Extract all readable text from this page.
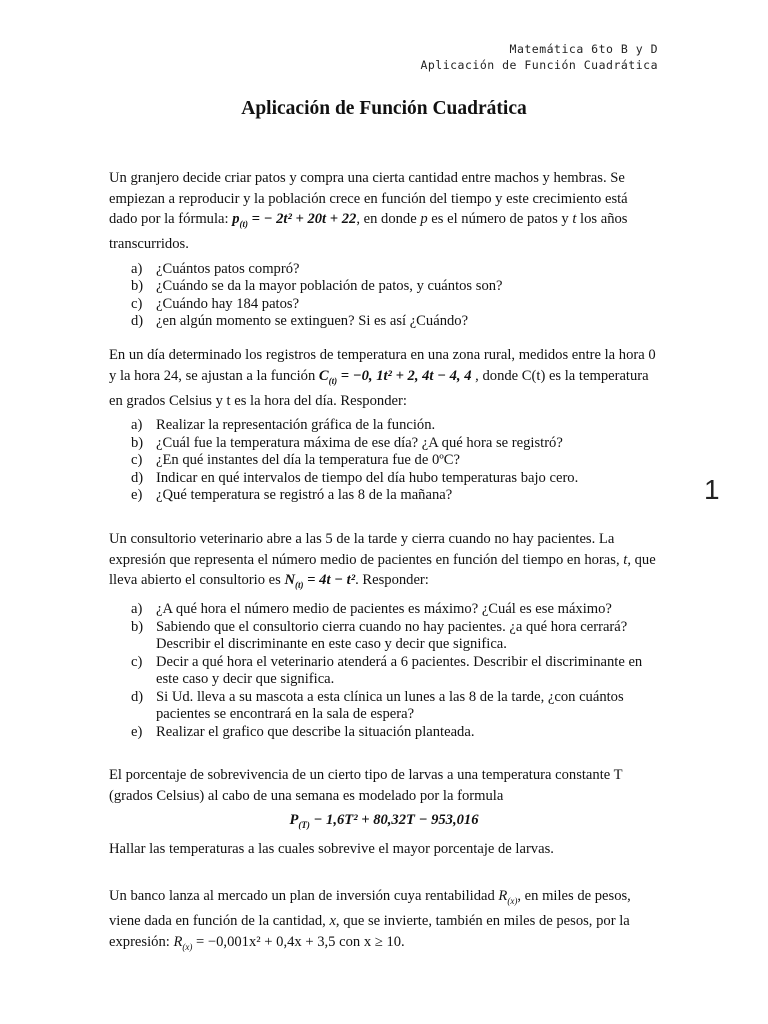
Matemática 6to B y D
Aplicación de Función Cuadrática
Aplicación de Función Cuadrática

Un granjero decide criar patos y compra una cierta cantidad entre machos y hembras. Se empiezan a reproducir y la población crece en función del tiempo y este crecimiento está dado por la fórmula: $p_{(t)}$ = − 2t² + 20t + 22, en donde p es el número de patos y t los años transcurridos.

a) ¿Cuántos patos compró?
b) ¿Cuándo se da la mayor población de patos, y cuántos son?
c) ¿Cuándo hay 184 patos?
d) ¿en algún momento se extinguen? Si es así ¿Cuándo?

En un día determinado los registros de temperatura en una zona rural, medidos entre la hora 0 y la hora 24, se ajustan a la función $C_{(t)} = -0$, 1t² + 2, 4t − 4, 4 , donde C(t) es la temperatura en grados Celsius y t es la hora del día. Responder:

a) Realizar la representación gráfica de la función.
b) ¿Cuál fue la temperatura máxima de ese día? ¿A qué hora se registró?
c) ¿En qué instantes del día la temperatura fue de 0ºC?
d) Indicar en qué intervalos de tiempo del día hubo temperaturas bajo cero.
e) ¿Qué temperatura se registró a las 8 de la mañana?	1

Un consultorio veterinario abre a las 5 de la tarde y cierra cuando no hay pacientes. La expresión que representa el número medio de pacientes en función del tiempo en horas, t, que lleva abierto el consultorio es $N_{(t)} = 4t - t^2$. Responder:

a) ¿A qué hora el número medio de pacientes es máximo? ¿Cuál es ese máximo?
b) Sabiendo que el consultorio cierra cuando no hay pacientes. ¿a qué hora cerrará? Describir el discriminante en este caso y decir que significa.
c) Decir a qué hora el veterinario atenderá a 6 pacientes. Describir el discriminante en este caso y decir que significa.
d) Si Ud. lleva a su mascota a esta clínica un lunes a las 8 de la tarde, ¿con cuántos pacientes se encontrará en la sala de espera?
e) Realizar el grafico que describe la situación planteada.

El porcentaje de sobrevivencia de un cierto tipo de larvas a una temperatura constante T (grados Celsius) al cabo de una semana es modelado por la formula

$P_{(T)} - 1,6T^2 + 80,32T - 953,016$

Hallar las temperaturas a las cuales sobrevive el mayor porcentaje de larvas.

Un banco lanza al mercado un plan de inversión cuya rentabilidad $R_{(x)}$, en miles de pesos, viene dada en función de la cantidad, x, que se invierte, también en miles de pesos, por la expresión: $R_{(x)} = -0,001x^2 + 0,4x + 3,5$ con x ≥ 10.
